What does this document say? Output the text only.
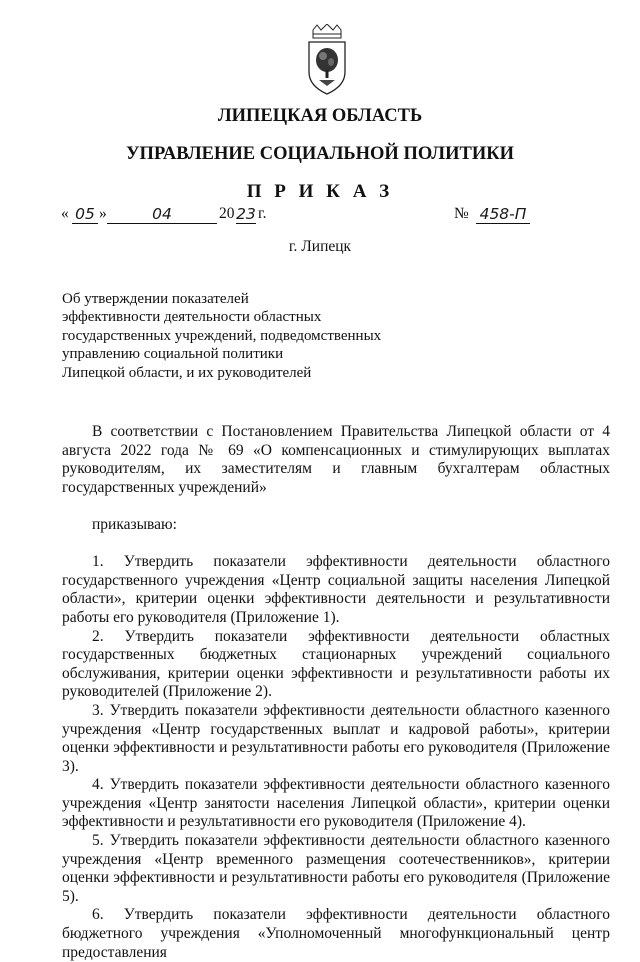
ЛИПЕЦКАЯ ОБЛАСТЬ
УПРАВЛЕНИЕ СОЦИАЛЬНОЙ ПОЛИТИКИ
П Р И К А З
« 05 »	04	20 23 г.	№ 458-П
г. Липецк
Об утверждении показателей
эффективности деятельности областных
государственных учреждений, подведомственных
управлению социальной политики
Липецкой области, и их руководителей

В соответствии с Постановлением Правительства Липецкой области от 4 августа 2022 года № 69 «О компенсационных и стимулирующих выплатах руководителям, их заместителям и главным бухгалтерам областных государственных учреждений»

приказываю:

1. Утвердить показатели эффективности деятельности областного государственного учреждения «Центр социальной защиты населения Липецкой области», критерии оценки эффективности деятельности и результативности работы его руководителя (Приложение 1).

2. Утвердить показатели эффективности деятельности областных государственных бюджетных стационарных учреждений социального обслуживания, критерии оценки эффективности и результативности работы их руководителей (Приложение 2).

3. Утвердить показатели эффективности деятельности областного казенного учреждения «Центр государственных выплат и кадровой работы», критерии оценки эффективности и результативности работы его руководителя (Приложение 3).

4. Утвердить показатели эффективности деятельности областного казенного учреждения «Центр занятости населения Липецкой области», критерии оценки эффективности и результативности его руководителя (Приложение 4).

5. Утвердить показатели эффективности деятельности областного казенного учреждения «Центр временного размещения соотечественников», критерии оценки эффективности и результативности работы его руководителя (Приложение 5).

6. Утвердить показатели эффективности деятельности областного бюджетного учреждения «Уполномоченный многофункциональный центр предоставления
